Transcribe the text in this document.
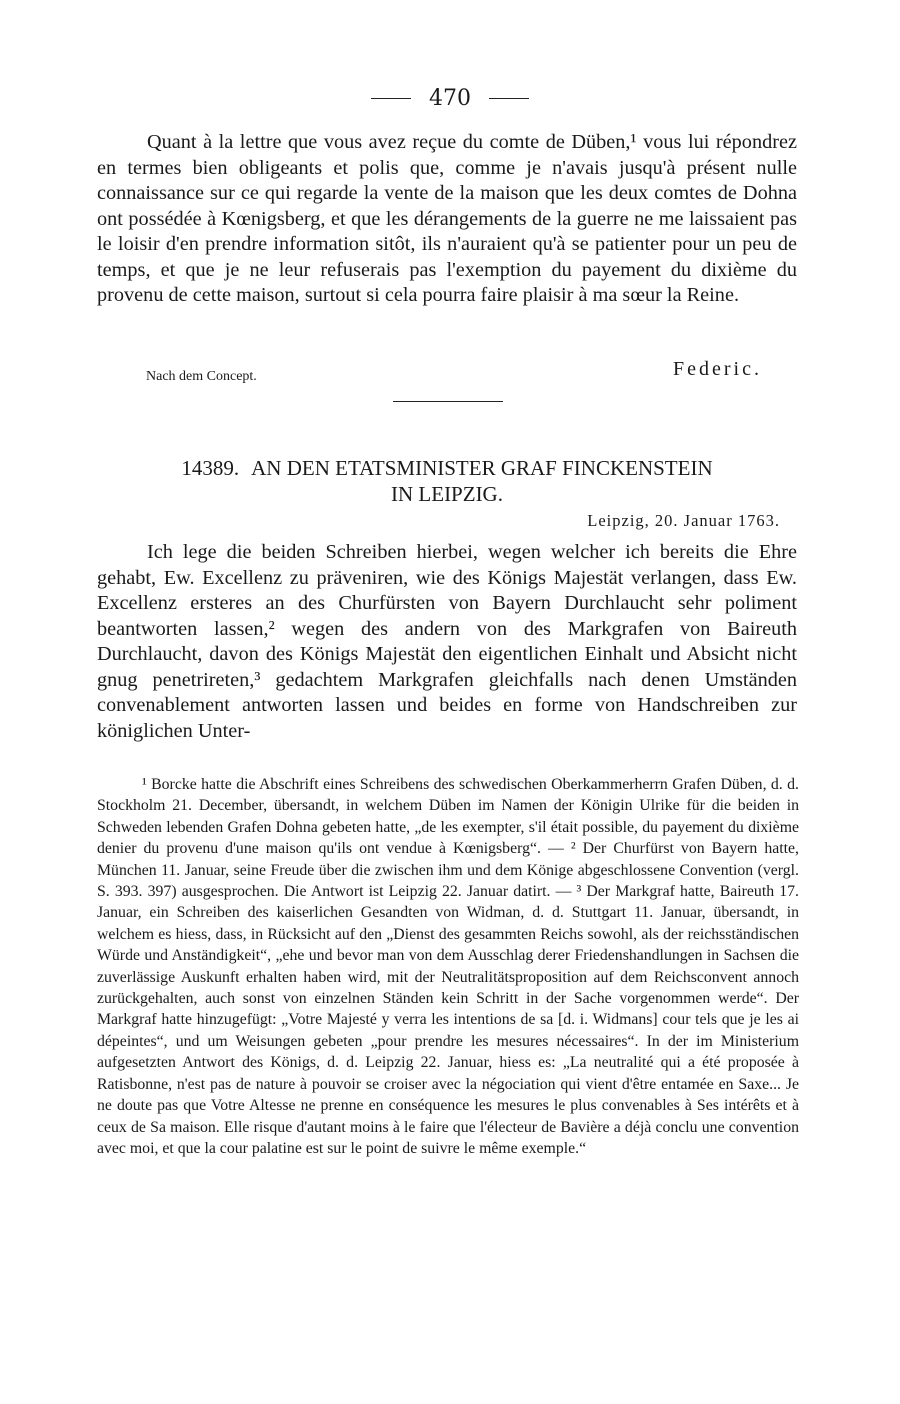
470

Quant à la lettre que vous avez reçue du comte de Düben,¹ vous lui répondrez en termes bien obligeants et polis que, comme je n'avais jusqu'à présent nulle connaissance sur ce qui regarde la vente de la maison que les deux comtes de Dohna ont possédée à Kœnigsberg, et que les dérangements de la guerre ne me laissaient pas le loisir d'en prendre information sitôt, ils n'auraient qu'à se patienter pour un peu de temps, et que je ne leur refuserais pas l'exemption du payement du dixième du provenu de cette maison, surtout si cela pourra faire plaisir à ma sœur la Reine.

Nach dem Concept.	Federic.
14389. AN DEN ETATSMINISTER GRAF FINCKENSTEIN
IN LEIPZIG.
Leipzig, 20. Januar 1763.

Ich lege die beiden Schreiben hierbei, wegen welcher ich bereits die Ehre gehabt, Ew. Excellenz zu präveniren, wie des Königs Majestät verlangen, dass Ew. Excellenz ersteres an des Churfürsten von Bayern Durchlaucht sehr poliment beantworten lassen,² wegen des andern von des Markgrafen von Baireuth Durchlaucht, davon des Königs Majestät den eigentlichen Einhalt und Absicht nicht gnug penetrireten,³ gedachtem Markgrafen gleichfalls nach denen Umständen convenablement antworten lassen und beides en forme von Handschreiben zur königlichen Unter-

¹ Borcke hatte die Abschrift eines Schreibens des schwedischen Oberkammerherrn Grafen Düben, d. d. Stockholm 21. December, übersandt, in welchem Düben im Namen der Königin Ulrike für die beiden in Schweden lebenden Grafen Dohna gebeten hatte, „de les exempter, s'il était possible, du payement du dixième denier du provenu d'une maison qu'ils ont vendue à Kœnigsberg“. — ² Der Churfürst von Bayern hatte, München 11. Januar, seine Freude über die zwischen ihm und dem Könige abgeschlossene Convention (vergl. S. 393. 397) ausgesprochen. Die Antwort ist Leipzig 22. Januar datirt. — ³ Der Markgraf hatte, Baireuth 17. Januar, ein Schreiben des kaiserlichen Gesandten von Widman, d. d. Stuttgart 11. Januar, übersandt, in welchem es hiess, dass, in Rücksicht auf den „Dienst des gesammten Reichs sowohl, als der reichsständischen Würde und Anständigkeit“, „ehe und bevor man von dem Ausschlag derer Friedenshandlungen in Sachsen die zuverlässige Auskunft erhalten haben wird, mit der Neutralitätsproposition auf dem Reichsconvent annoch zurückgehalten, auch sonst von einzelnen Ständen kein Schritt in der Sache vorgenommen werde“. Der Markgraf hatte hinzugefügt: „Votre Majesté y verra les intentions de sa [d. i. Widmans] cour tels que je les ai dépeintes“, und um Weisungen gebeten „pour prendre les mesures nécessaires“. In der im Ministerium aufgesetzten Antwort des Königs, d. d. Leipzig 22. Januar, hiess es: „La neutralité qui a été proposée à Ratisbonne, n'est pas de nature à pouvoir se croiser avec la négociation qui vient d'être entamée en Saxe... Je ne doute pas que Votre Altesse ne prenne en conséquence les mesures le plus convenables à Ses intérêts et à ceux de Sa maison. Elle risque d'autant moins à le faire que l'électeur de Bavière a déjà conclu une convention avec moi, et que la cour palatine est sur le point de suivre le même exemple.“
